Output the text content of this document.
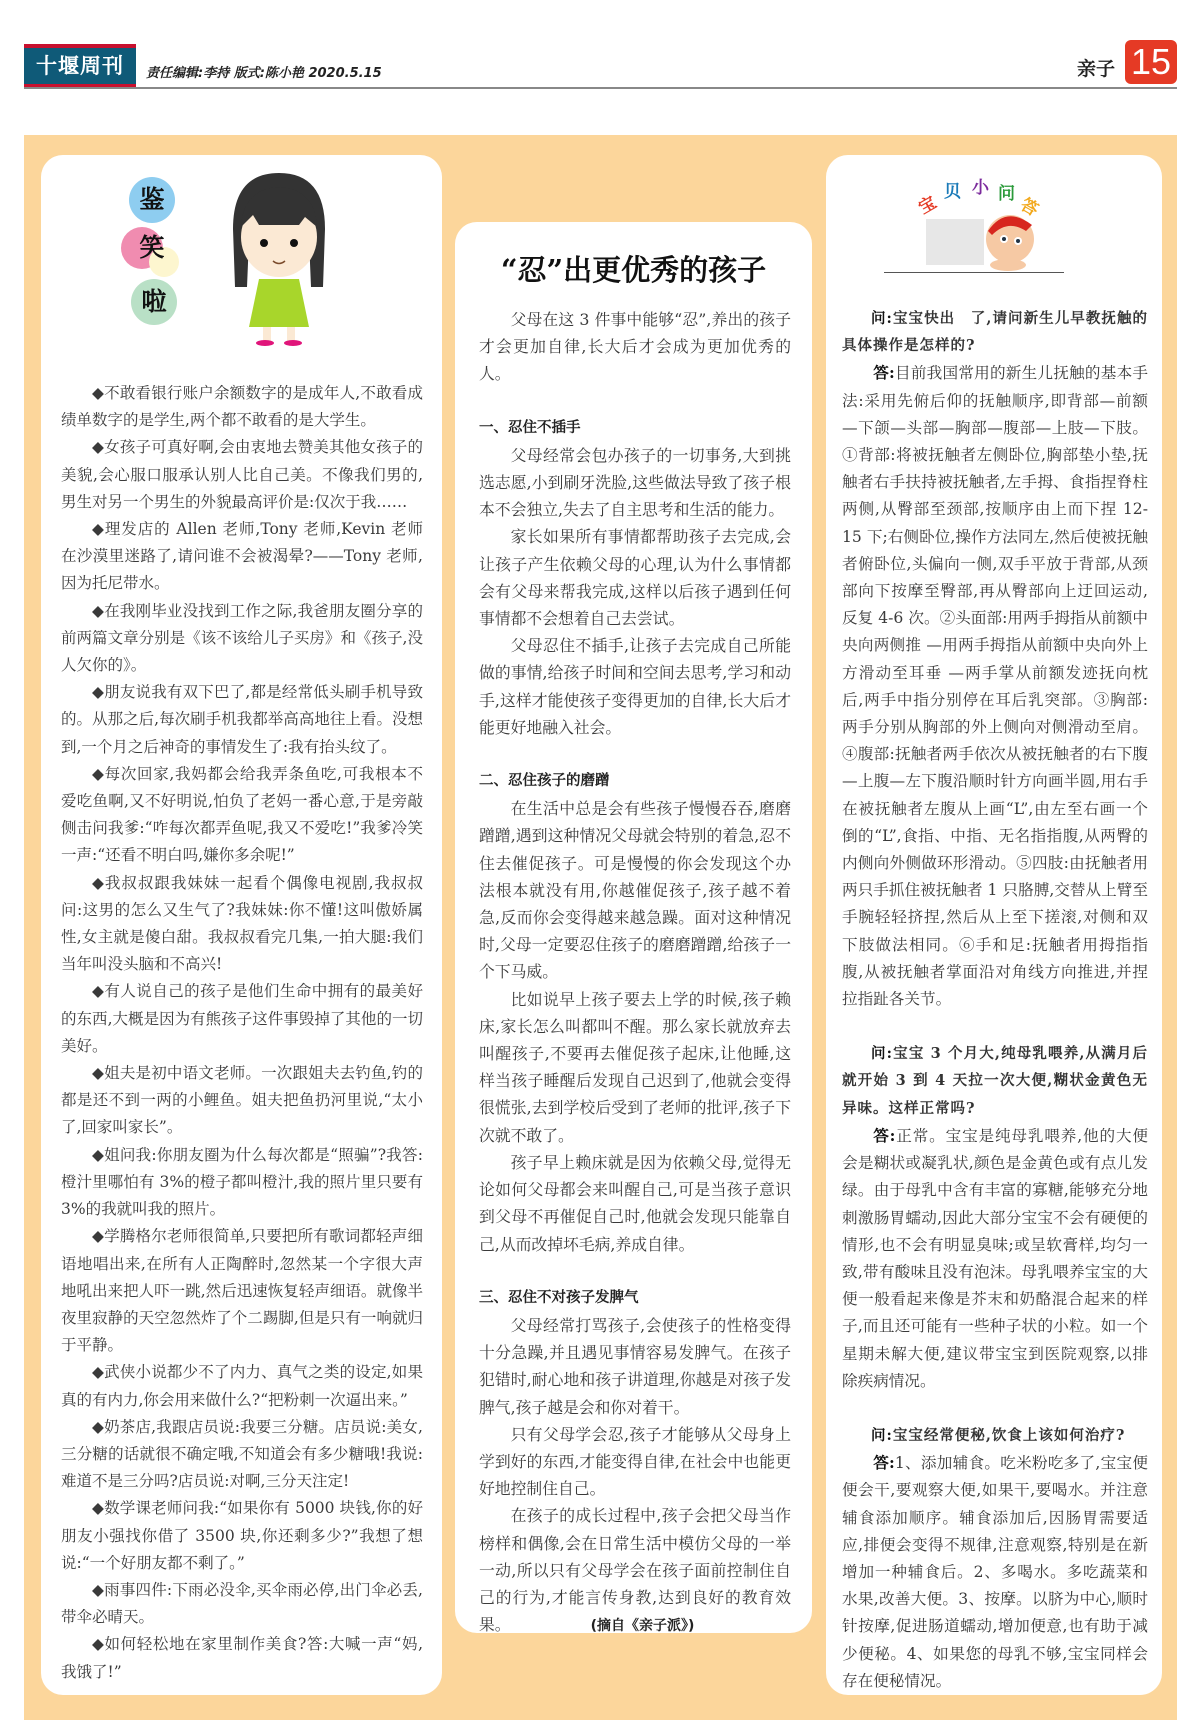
十堰周刊	责任编辑:李持 版式:陈小艳 2020.5.15	亲子 15
鉴
笑
啦

◆不敢看银行账户余额数字的是成年人,不敢看成绩单数字的是学生,两个都不敢看的是大学生。

◆女孩子可真好啊,会由衷地去赞美其他女孩子的美貌,会心服口服承认别人比自己美。不像我们男的,男生对另一个男生的外貌最高评价是:仅次于我……

◆理发店的 Allen 老师,Tony 老师,Kevin 老师在沙漠里迷路了,请问谁不会被渴晕?——Tony 老师,因为托尼带水。

◆在我刚毕业没找到工作之际,我爸朋友圈分享的前两篇文章分别是《该不该给儿子买房》和《孩子,没人欠你的》。

◆朋友说我有双下巴了,都是经常低头刷手机导致的。从那之后,每次刷手机我都举高高地往上看。没想到,一个月之后神奇的事情发生了:我有抬头纹了。

◆每次回家,我妈都会给我弄条鱼吃,可我根本不爱吃鱼啊,又不好明说,怕负了老妈一番心意,于是旁敲侧击问我爹:“咋每次都弄鱼呢,我又不爱吃!”我爹冷笑一声:“还看不明白吗,嫌你多余呢!”

◆我叔叔跟我妹妹一起看个偶像电视剧,我叔叔问:这男的怎么又生气了?我妹妹:你不懂!这叫傲娇属性,女主就是傻白甜。我叔叔看完几集,一拍大腿:我们当年叫没头脑和不高兴!

◆有人说自己的孩子是他们生命中拥有的最美好的东西,大概是因为有熊孩子这件事毁掉了其他的一切美好。

◆姐夫是初中语文老师。一次跟姐夫去钓鱼,钓的都是还不到一两的小鲤鱼。姐夫把鱼扔河里说,“太小了,回家叫家长”。

◆姐问我:你朋友圈为什么每次都是“照骗”?我答:橙汁里哪怕有 3%的橙子都叫橙汁,我的照片里只要有 3%的我就叫我的照片。

◆学腾格尔老师很简单,只要把所有歌词都轻声细语地唱出来,在所有人正陶醉时,忽然某一个字很大声地吼出来把人吓一跳,然后迅速恢复轻声细语。就像半夜里寂静的天空忽然炸了个二踢脚,但是只有一响就归于平静。

◆武侠小说都少不了内力、真气之类的设定,如果真的有内力,你会用来做什么?“把粉刺一次逼出来。”

◆奶茶店,我跟店员说:我要三分糖。店员说:美女,三分糖的话就很不确定哦,不知道会有多少糖哦!我说:难道不是三分吗?店员说:对啊,三分天注定!

◆数学课老师问我:“如果你有 5000 块钱,你的好朋友小强找你借了 3500 块,你还剩多少?”我想了想说:“一个好朋友都不剩了。”

◆雨事四件:下雨必没伞,买伞雨必停,出门伞必丢,带伞必晴天。

◆如何轻松地在家里制作美食?答:大喊一声“妈,我饿了!”

“忍”出更优秀的孩子

父母在这 3 件事中能够“忍”,养出的孩子才会更加自律,长大后才会成为更加优秀的人。

一、忍住不插手

父母经常会包办孩子的一切事务,大到挑选志愿,小到刷牙洗脸,这些做法导致了孩子根本不会独立,失去了自主思考和生活的能力。

家长如果所有事情都帮助孩子去完成,会让孩子产生依赖父母的心理,认为什么事情都会有父母来帮我完成,这样以后孩子遇到任何事情都不会想着自己去尝试。

父母忍住不插手,让孩子去完成自己所能做的事情,给孩子时间和空间去思考,学习和动手,这样才能使孩子变得更加的自律,长大后才能更好地融入社会。

二、忍住孩子的磨蹭

在生活中总是会有些孩子慢慢吞吞,磨磨蹭蹭,遇到这种情况父母就会特别的着急,忍不住去催促孩子。可是慢慢的你会发现这个办法根本就没有用,你越催促孩子,孩子越不着急,反而你会变得越来越急躁。面对这种情况时,父母一定要忍住孩子的磨磨蹭蹭,给孩子一个下马威。

比如说早上孩子要去上学的时候,孩子赖床,家长怎么叫都叫不醒。那么家长就放弃去叫醒孩子,不要再去催促孩子起床,让他睡,这样当孩子睡醒后发现自己迟到了,他就会变得很慌张,去到学校后受到了老师的批评,孩子下次就不敢了。

孩子早上赖床就是因为依赖父母,觉得无论如何父母都会来叫醒自己,可是当孩子意识到父母不再催促自己时,他就会发现只能靠自己,从而改掉坏毛病,养成自律。

三、忍住不对孩子发脾气

父母经常打骂孩子,会使孩子的性格变得十分急躁,并且遇见事情容易发脾气。在孩子犯错时,耐心地和孩子讲道理,你越是对孩子发脾气,孩子越是会和你对着干。

只有父母学会忍,孩子才能够从父母身上学到好的东西,才能变得自律,在社会中也能更好地控制住自己。

在孩子的成长过程中,孩子会把父母当作榜样和偶像,会在日常生活中模仿父母的一举一动,所以只有父母学会在孩子面前控制住自己的行为,才能言传身教,达到良好的教育效果。	(摘自《亲子派》)

宝
贝 小 问
答

问:宝宝快出　了,请问新生儿早教抚触的具体操作是怎样的?

答:目前我国常用的新生儿抚触的基本手法:采用先俯后仰的抚触顺序,即背部—前额—下颌—头部—胸部—腹部—上肢—下肢。①背部:将被抚触者左侧卧位,胸部垫小垫,抚触者右手扶持被抚触者,左手拇、食指捏脊柱两侧,从臀部至颈部,按顺序由上而下捏 12-15 下;右侧卧位,操作方法同左,然后使被抚触者俯卧位,头偏向一侧,双手平放于背部,从颈部向下按摩至臀部,再从臀部向上迂回运动,反复 4-6 次。②头面部:用两手拇指从前额中央向两侧推 —用两手拇指从前额中央向外上方滑动至耳垂 —两手掌从前额发迹抚向枕后,两手中指分别停在耳后乳突部。③胸部:两手分别从胸部的外上侧向对侧滑动至肩。④腹部:抚触者两手依次从被抚触者的右下腹—上腹—左下腹沿顺时针方向画半圆,用右手在被抚触者左腹从上画“L”,由左至右画一个倒的“L”,食指、中指、无名指指腹,从两臀的内侧向外侧做环形滑动。⑤四肢:由抚触者用两只手抓住被抚触者 1 只胳膊,交替从上臂至手腕轻轻挤捏,然后从上至下搓滚,对侧和双下肢做法相同。⑥手和足:抚触者用拇指指腹,从被抚触者掌面沿对角线方向推进,并捏拉指趾各关节。

问:宝宝 3 个月大,纯母乳喂养,从满月后就开始 3 到 4 天拉一次大便,糊状金黄色无异味。这样正常吗?

答:正常。宝宝是纯母乳喂养,他的大便会是糊状或凝乳状,颜色是金黄色或有点儿发绿。由于母乳中含有丰富的寡糖,能够充分地刺激肠胃蠕动,因此大部分宝宝不会有硬便的情形,也不会有明显臭味;或呈软膏样,均匀一致,带有酸味且没有泡沫。母乳喂养宝宝的大便一般看起来像是芥末和奶酪混合起来的样子,而且还可能有一些种子状的小粒。如一个星期未解大便,建议带宝宝到医院观察,以排除疾病情况。

问:宝宝经常便秘,饮食上该如何治疗?

答:1、添加辅食。吃米粉吃多了,宝宝便便会干,要观察大便,如果干,要喝水。并注意辅食添加顺序。辅食添加后,因肠胃需要适应,排便会变得不规律,注意观察,特别是在新增加一种辅食后。2、多喝水。多吃蔬菜和水果,改善大便。3、按摩。以脐为中心,顺时针按摩,促进肠道蠕动,增加便意,也有助于减少便秘。4、如果您的母乳不够,宝宝同样会存在便秘情况。
